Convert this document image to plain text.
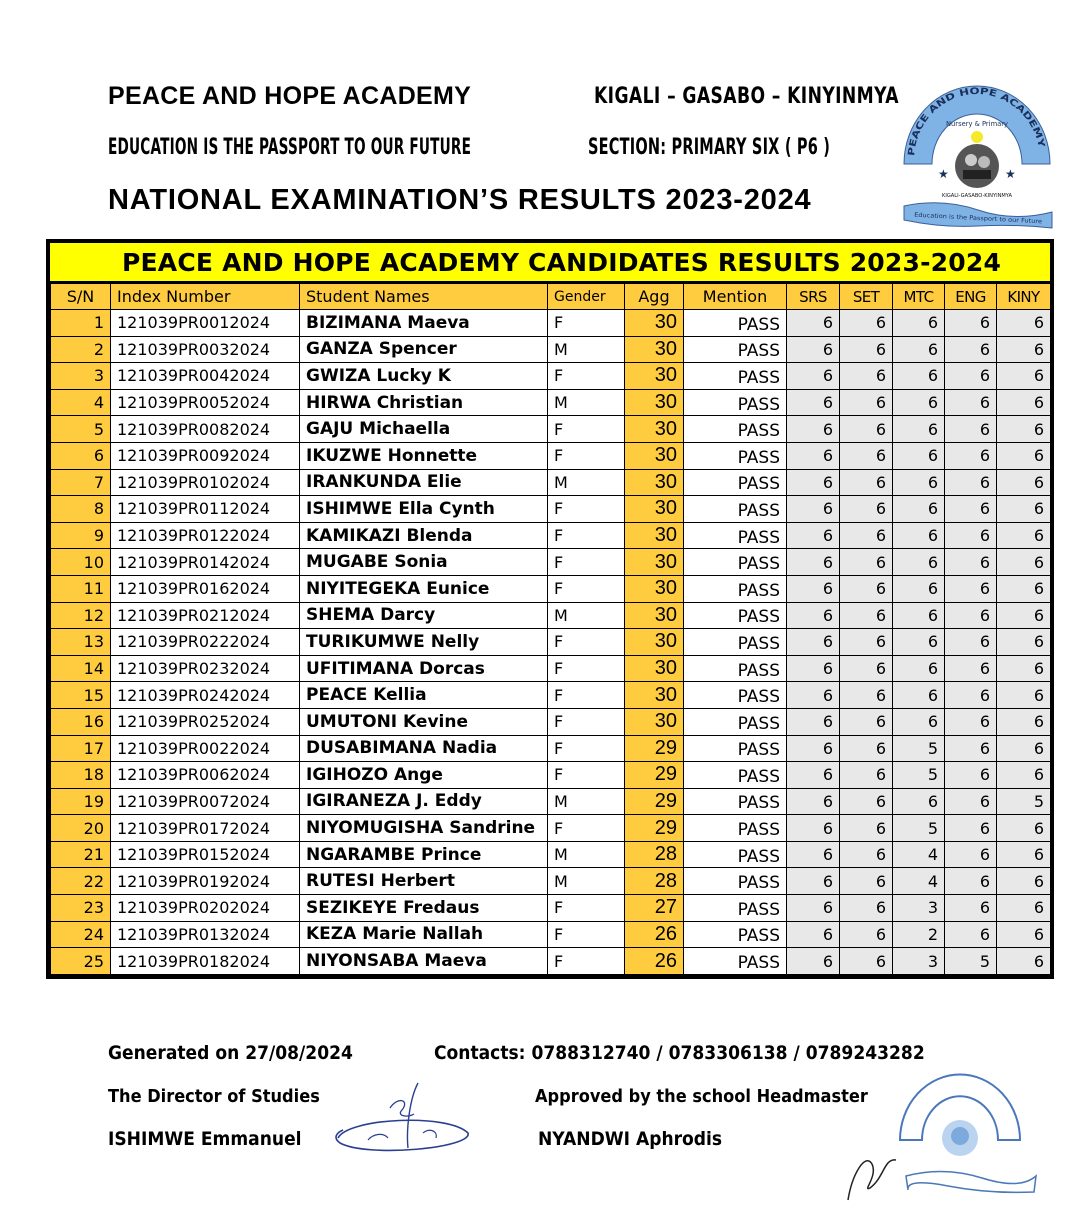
PEACE AND HOPE ACADEMY	KIGALI – GASABO – KINYINMYA
EDUCATION IS THE PASSPORT TO OUR FUTURE	SECTION: PRIMARY SIX ( P6 )
NATIONAL EXAMINATION’S RESULTS 2023-2024
PEACE AND HOPE ACADEMY
Nursery & Primary
★	★
KIGALI-GASABO-KINYINMYA
Education is the Passport to our Future
PEACE AND HOPE ACADEMY CANDIDATES RESULTS 2023-2024
S/N	Index Number	Student Names	Gender	Agg	Mention	SRS	SET	MTC	ENG	KINY
1	121039PR0012024	BIZIMANA Maeva	F	30	PASS	6	6	6	6	6
2	121039PR0032024	GANZA Spencer	M	30	PASS	6	6	6	6	6
3	121039PR0042024	GWIZA Lucky K	F	30	PASS	6	6	6	6	6
4	121039PR0052024	HIRWA Christian	M	30	PASS	6	6	6	6	6
5	121039PR0082024	GAJU Michaella	F	30	PASS	6	6	6	6	6
6	121039PR0092024	IKUZWE Honnette	F	30	PASS	6	6	6	6	6
7	121039PR0102024	IRANKUNDA Elie	M	30	PASS	6	6	6	6	6
8	121039PR0112024	ISHIMWE Ella Cynth	F	30	PASS	6	6	6	6	6
9	121039PR0122024	KAMIKAZI Blenda	F	30	PASS	6	6	6	6	6
10	121039PR0142024	MUGABE Sonia	F	30	PASS	6	6	6	6	6
11	121039PR0162024	NIYITEGEKA Eunice	F	30	PASS	6	6	6	6	6
12	121039PR0212024	SHEMA Darcy	M	30	PASS	6	6	6	6	6
13	121039PR0222024	TURIKUMWE Nelly	F	30	PASS	6	6	6	6	6
14	121039PR0232024	UFITIMANA Dorcas	F	30	PASS	6	6	6	6	6
15	121039PR0242024	PEACE Kellia	F	30	PASS	6	6	6	6	6
16	121039PR0252024	UMUTONI Kevine	F	30	PASS	6	6	6	6	6
17	121039PR0022024	DUSABIMANA Nadia	F	29	PASS	6	6	5	6	6
18	121039PR0062024	IGIHOZO Ange	F	29	PASS	6	6	5	6	6
19	121039PR0072024	IGIRANEZA J. Eddy	M	29	PASS	6	6	6	6	5
20	121039PR0172024	NIYOMUGISHA Sandrine	F	29	PASS	6	6	5	6	6
21	121039PR0152024	NGARAMBE Prince	M	28	PASS	6	6	4	6	6
22	121039PR0192024	RUTESI Herbert	M	28	PASS	6	6	4	6	6
23	121039PR0202024	SEZIKEYE Fredaus	F	27	PASS	6	6	3	6	6
24	121039PR0132024	KEZA Marie Nallah	F	26	PASS	6	6	2	6	6
25	121039PR0182024	NIYONSABA Maeva	F	26	PASS	6	6	3	5	6
Generated on 27/08/2024	Contacts: 0788312740 / 0783306138 / 0789243282
The Director of Studies
ISHIMWE Emmanuel
Approved by the school Headmaster
NYANDWI Aphrodis
